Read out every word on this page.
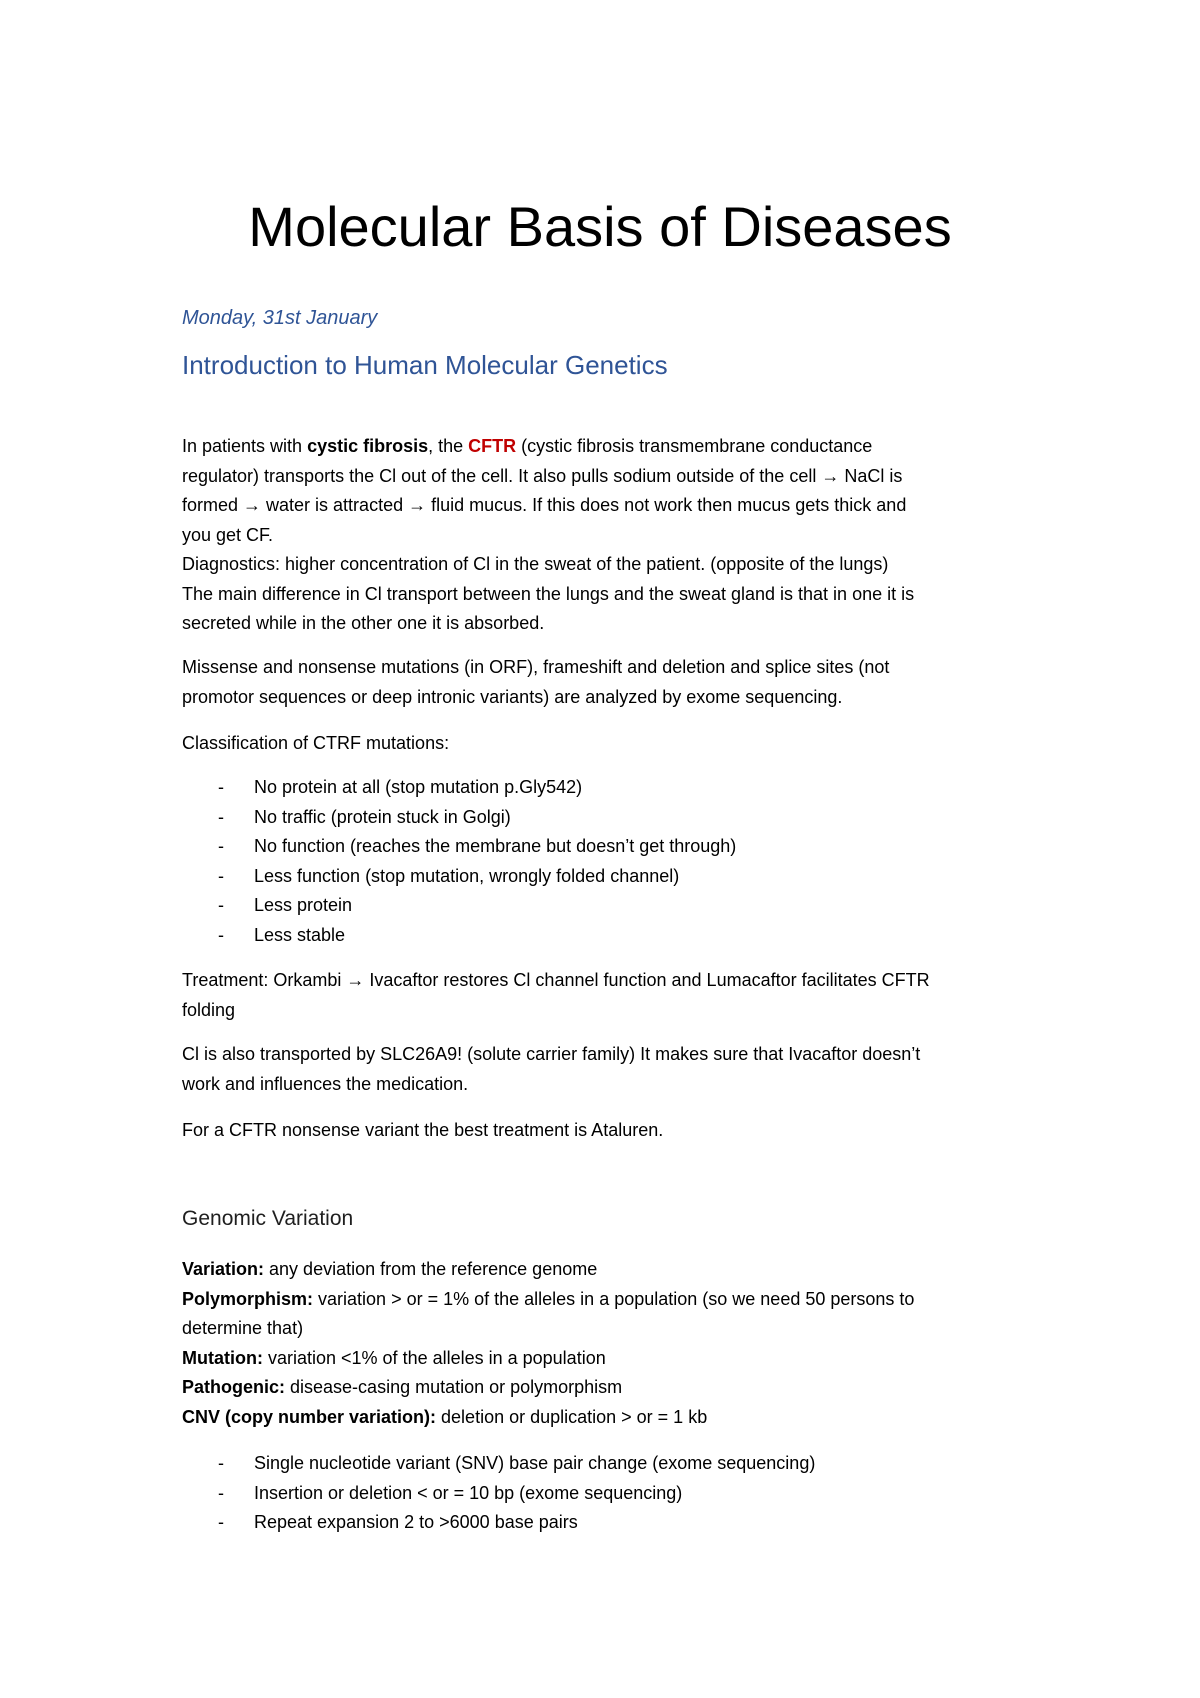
Molecular Basis of Diseases

Monday, 31st January

Introduction to Human Molecular Genetics
In patients with cystic fibrosis, the CFTR (cystic fibrosis transmembrane conductance
regulator) transports the Cl out of the cell. It also pulls sodium outside of the cell → NaCl is
formed → water is attracted → fluid mucus. If this does not work then mucus gets thick and
you get CF.
Diagnostics: higher concentration of Cl in the sweat of the patient. (opposite of the lungs)
The main difference in Cl transport between the lungs and the sweat gland is that in one it is
secreted while in the other one it is absorbed.
Missense and nonsense mutations (in ORF), frameshift and deletion and splice sites (not
promotor sequences or deep intronic variants) are analyzed by exome sequencing.
Classification of CTRF mutations:
- No protein at all (stop mutation p.Gly542)
- No traffic (protein stuck in Golgi)
- No function (reaches the membrane but doesn’t get through)
- Less function (stop mutation, wrongly folded channel)
- Less protein
- Less stable
Treatment: Orkambi → Ivacaftor restores Cl channel function and Lumacaftor facilitates CFTR
folding
Cl is also transported by SLC26A9! (solute carrier family) It makes sure that Ivacaftor doesn’t
work and influences the medication.
For a CFTR nonsense variant the best treatment is Ataluren.
Genomic Variation
Variation: any deviation from the reference genome
Polymorphism: variation > or = 1% of the alleles in a population (so we need 50 persons to
determine that)
Mutation: variation <1% of the alleles in a population
Pathogenic: disease-casing mutation or polymorphism
CNV (copy number variation): deletion or duplication > or = 1 kb
- Single nucleotide variant (SNV) base pair change (exome sequencing)
- Insertion or deletion < or = 10 bp (exome sequencing)
- Repeat expansion 2 to >6000 base pairs
